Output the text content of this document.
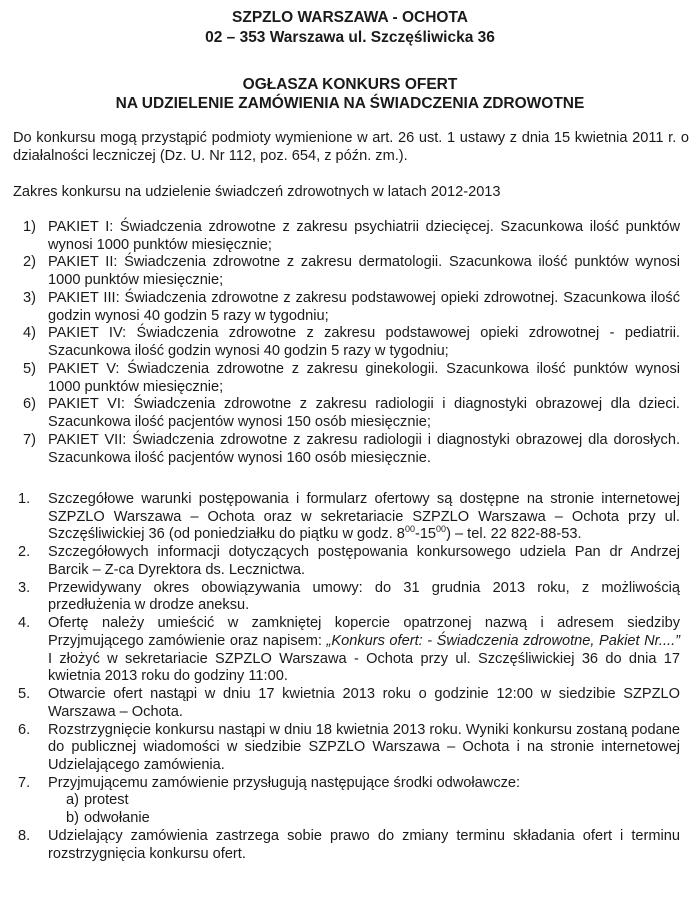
SZPZLO WARSZAWA - OCHOTA
02 – 353 Warszawa ul. Szczęśliwicka 36
OGŁASZA KONKURS OFERT
NA UDZIELENIE ZAMÓWIENIA NA ŚWIADCZENIA ZDROWOTNE
Do konkursu mogą przystąpić podmioty wymienione w art. 26 ust. 1 ustawy z dnia 15 kwietnia 2011 r. o działalności leczniczej (Dz. U. Nr 112, poz. 654, z późn. zm.).
Zakres konkursu na udzielenie świadczeń zdrowotnych w latach 2012-2013
1) PAKIET I: Świadczenia zdrowotne z zakresu psychiatrii dziecięcej. Szacunkowa ilość punktów wynosi 1000 punktów miesięcznie;
2) PAKIET II: Świadczenia zdrowotne z zakresu dermatologii. Szacunkowa ilość punktów wynosi 1000 punktów miesięcznie;
3) PAKIET III: Świadczenia zdrowotne z zakresu podstawowej opieki zdrowotnej. Szacunkowa ilość godzin wynosi 40 godzin 5 razy w tygodniu;
4) PAKIET IV: Świadczenia zdrowotne z zakresu podstawowej opieki zdrowotnej - pediatrii. Szacunkowa ilość godzin wynosi 40 godzin 5 razy w tygodniu;
5) PAKIET V: Świadczenia zdrowotne z zakresu ginekologii. Szacunkowa ilość punktów wynosi 1000 punktów miesięcznie;
6) PAKIET VI: Świadczenia zdrowotne z zakresu radiologii i diagnostyki obrazowej dla dzieci. Szacunkowa ilość pacjentów wynosi 150 osób miesięcznie;
7) PAKIET VII: Świadczenia zdrowotne z zakresu radiologii i diagnostyki obrazowej dla dorosłych. Szacunkowa ilość pacjentów wynosi 160 osób miesięcznie.
1. Szczegółowe warunki postępowania i formularz ofertowy są dostępne na stronie internetowej SZPZLO Warszawa – Ochota oraz w sekretariacie SZPZLO Warszawa – Ochota przy ul. Szczęśliwickiej 36 (od poniedziałku do piątku w godz. $8^{00}-15^{00}$) – tel. 22 822-88-53.
2. Szczegółowych informacji dotyczących postępowania konkursowego udziela Pan dr Andrzej Barcik – Z-ca Dyrektora ds. Lecznictwa.
3. Przewidywany okres obowiązywania umowy: do 31 grudnia 2013 roku, z możliwością przedłużenia w drodze aneksu.
4. Ofertę należy umieścić w zamkniętej kopercie opatrzonej nazwą i adresem siedziby Przyjmującego zamówienie oraz napisem: „Konkurs ofert: - Świadczenia zdrowotne, Pakiet Nr....” I złożyć w sekretariacie SZPZLO Warszawa - Ochota przy ul. Szczęśliwickiej 36 do dnia 17 kwietnia 2013 roku do godziny 11:00.
5. Otwarcie ofert nastąpi w dniu 17 kwietnia 2013 roku o godzinie 12:00 w siedzibie SZPZLO Warszawa – Ochota.
6. Rozstrzygnięcie konkursu nastąpi w dniu 18 kwietnia 2013 roku. Wyniki konkursu zostaną podane do publicznej wiadomości w siedzibie SZPZLO Warszawa – Ochota i na stronie internetowej Udzielającego zamówienia.
7. Przyjmującemu zamówienie przysługują następujące środki odwoławcze:
a) protest
b) odwołanie
8. Udzielający zamówienia zastrzega sobie prawo do zmiany terminu składania ofert i terminu rozstrzygnięcia konkursu ofert.
